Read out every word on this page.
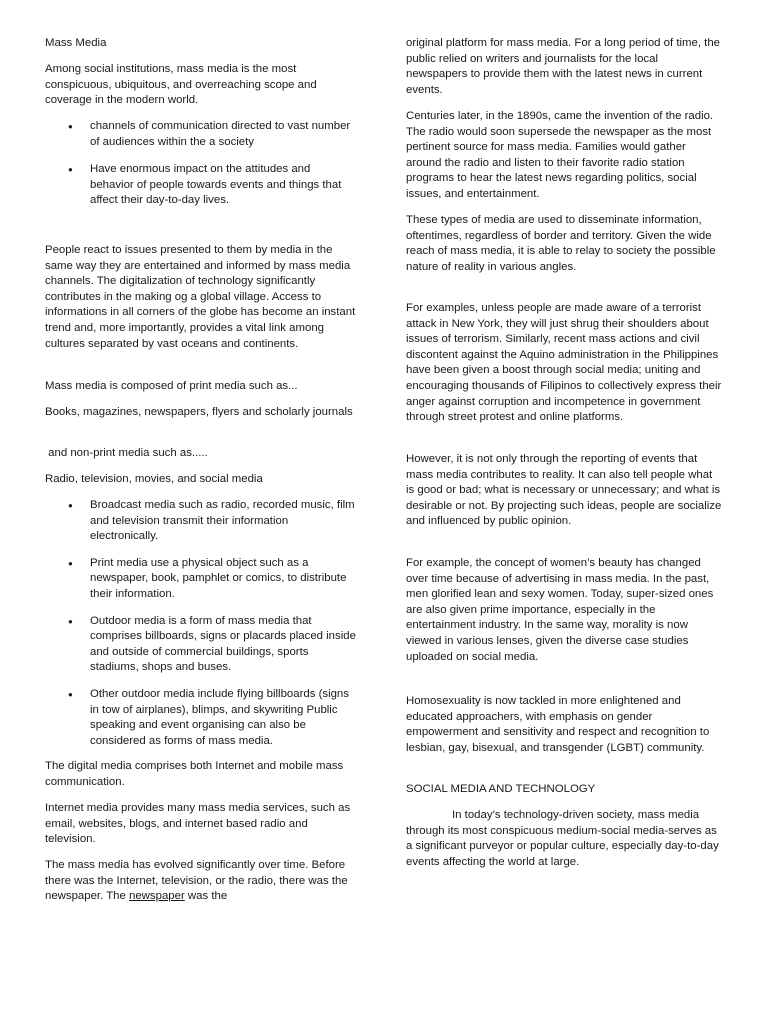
Mass Media

Among social institutions, mass media is the most conspicuous, ubiquitous, and overreaching scope and coverage in the modern world.

● channels of communication directed to vast number of audiences within the a society
● Have enormous impact on the attitudes and behavior of people towards events and things that affect their day-to-day lives.

People react to issues presented to them by media in the same way they are entertained and informed by mass media channels. The digitalization of technology significantly contributes in the making og a global village. Access to informations in all corners of the globe has become an instant trend and, more importantly, provides a vital link among cultures separated by vast oceans and continents.

Mass media is composed of print media such as...

Books, magazines, newspapers, flyers and scholarly journals

and non-print media such as.....

Radio, television, movies, and social media

● Broadcast media such as radio, recorded music, film and television transmit their information electronically.
● Print media use a physical object such as a newspaper, book, pamphlet or comics, to distribute their information.
● Outdoor media is a form of mass media that comprises billboards, signs or placards placed inside and outside of commercial buildings, sports stadiums, shops and buses.
● Other outdoor media include flying billboards (signs in tow of airplanes), blimps, and skywriting Public speaking and event organising can also be considered as forms of mass media.

The digital media comprises both Internet and mobile mass communication.

Internet media provides many mass media services, such as email, websites, blogs, and internet based radio and television.

The mass media has evolved significantly over time. Before there was the Internet, television, or the radio, there was the newspaper. The newspaper was the

original platform for mass media. For a long period of time, the public relied on writers and journalists for the local newspapers to provide them with the latest news in current events.

Centuries later, in the 1890s, came the invention of the radio. The radio would soon supersede the newspaper as the most pertinent source for mass media. Families would gather around the radio and listen to their favorite radio station programs to hear the latest news regarding politics, social issues, and entertainment.

These types of media are used to disseminate information, oftentimes, regardless of border and territory. Given the wide reach of mass media, it is able to relay to society the possible nature of reality in various angles.

For examples, unless people are made aware of a terrorist attack in New York, they will just shrug their shoulders about issues of terrorism. Similarly, recent mass actions and civil discontent against the Aquino administration in the Philippines have been given a boost through social media; uniting and encouraging thousands of Filipinos to collectively express their anger against corruption and incompetence in government through street protest and online platforms.

However, it is not only through the reporting of events that mass media contributes to reality. It can also tell people what is good or bad; what is necessary or unnecessary; and what is desirable or not. By projecting such ideas, people are socialize and influenced by public opinion.

For example, the concept of women’s beauty has changed over time because of advertising in mass media. In the past, men glorified lean and sexy women. Today, super-sized ones are also given prime importance, especially in the entertainment industry. In the same way, morality is now viewed in various lenses, given the diverse case studies uploaded on social media.

Homosexuality is now tackled in more enlightened and educated approachers, with emphasis on gender empowerment and sensitivity and respect and recognition to lesbian, gay, bisexual, and transgender (LGBT) community.

SOCIAL MEDIA AND TECHNOLOGY

In today’s technology-driven society, mass media through its most conspicuous medium-social media-serves as a significant purveyor or popular culture, especially day-to-day events affecting the world at large.
